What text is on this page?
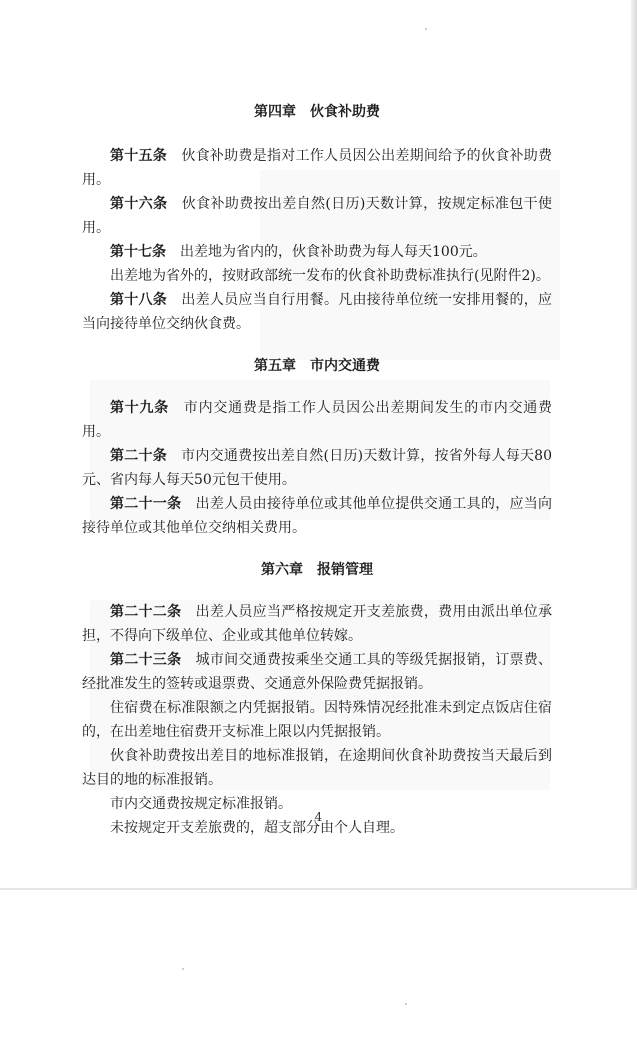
第四章　伙食补助费

第十五条　伙食补助费是指对工作人员因公出差期间给予的伙食补助费用。

第十六条　伙食补助费按出差自然(日历)天数计算，按规定标准包干使用。

第十七条　出差地为省内的，伙食补助费为每人每天100元。

出差地为省外的，按财政部统一发布的伙食补助费标准执行(见附件2)。

第十八条　出差人员应当自行用餐。凡由接待单位统一安排用餐的，应当向接待单位交纳伙食费。

第五章　市内交通费

第十九条　市内交通费是指工作人员因公出差期间发生的市内交通费用。

第二十条　市内交通费按出差自然(日历)天数计算，按省外每人每天80元、省内每人每天50元包干使用。

第二十一条　出差人员由接待单位或其他单位提供交通工具的，应当向接待单位或其他单位交纳相关费用。

第六章　报销管理

第二十二条　出差人员应当严格按规定开支差旅费，费用由派出单位承担，不得向下级单位、企业或其他单位转嫁。

第二十三条　城市间交通费按乘坐交通工具的等级凭据报销，订票费、经批准发生的签转或退票费、交通意外保险费凭据报销。

住宿费在标准限额之内凭据报销。因特殊情况经批准未到定点饭店住宿的，在出差地住宿费开支标准上限以内凭据报销。

伙食补助费按出差目的地标准报销，在途期间伙食补助费按当天最后到达目的地的标准报销。

市内交通费按规定标准报销。

未按规定开支差旅费的，超支部分由个人自理。

4
